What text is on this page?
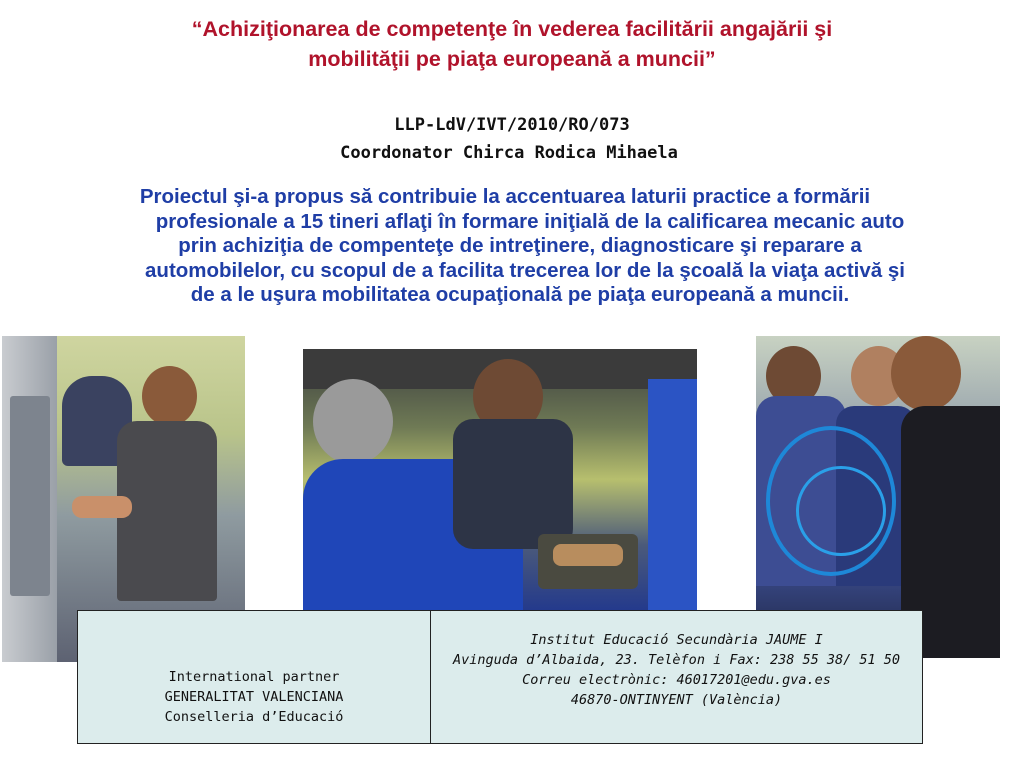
“Achiziţionarea de competenţe în vederea facilitării angajării şi
mobilităţii pe piaţa europeană a muncii”
LLP-LdV/IVT/2010/RO/073
Coordonator Chirca Rodica Mihaela
Proiectul şi-a propus să contribuie la accentuarea laturii practice a formării
profesionale a 15 tineri aflaţi în formare iniţială de la calificarea mecanic auto
prin achiziţia de compenteţe de intreţinere, diagnosticare şi reparare a
automobilelor, cu scopul de a facilita trecerea lor de la şcoală la viaţa activă şi
de a le uşura mobilitatea ocupaţională pe piaţa europeană a muncii.
International partner
GENERALITAT VALENCIANA
Conselleria d’Educació
Institut Educació Secundària JAUME I
Avinguda d’Albaida, 23. Telèfon i Fax: 238 55 38/ 51 50
Correu electrònic: 46017201@edu.gva.es
46870-ONTINYENT (València)
